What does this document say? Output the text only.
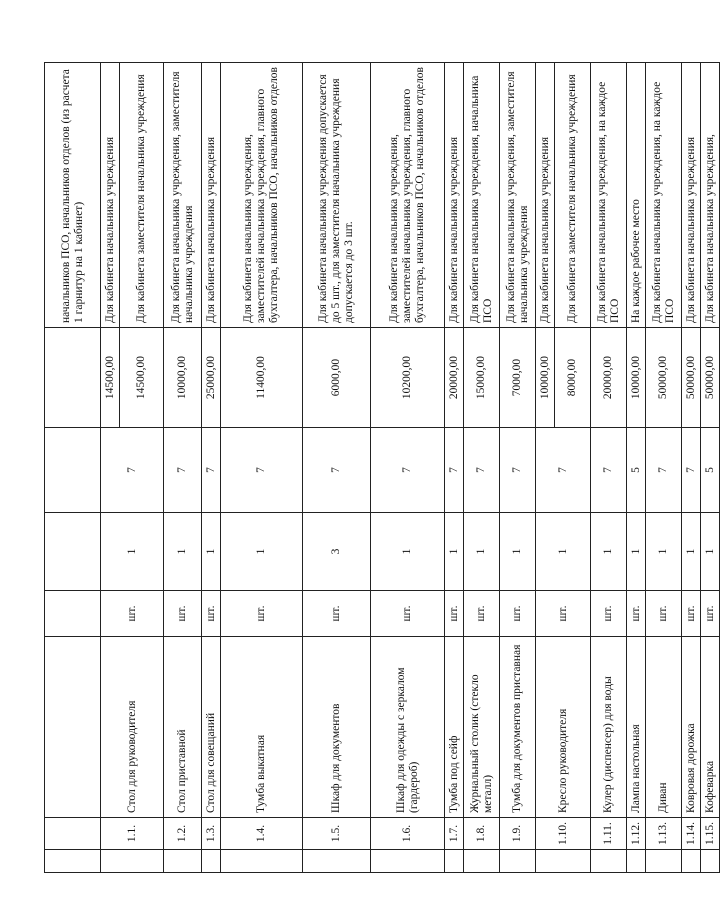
							начальников ПСО, начальников отделов (из расчета 1 гарнитур на 1 кабинет)
	1.1.	Стол для руководителя	шт.	1	7	14500,00	Для кабинета начальника учреждения
						14500,00	Для кабинета заместителя начальника учреждения
	1.2.	Стол приставной	шт.	1	7	10000,00	Для кабинета начальника учреждения, заместителя начальника учреждения
	1.3.	Стол для совещаний	шт.	1	7	25000,00	Для кабинета начальника учреждения
	1.4.	Тумба выкатная	шт.	1	7	11400,00	Для кабинета начальника учреждения, заместителей начальника учреждения, главного бухгалтера, начальников ПСО, начальников отделов
	1.5.	Шкаф для документов	шт.	3	7	6000,00	Для кабинета начальника учреждения допускается до 5 шт., для заместителя начальника учреждения допускается до 3 шт.
	1.6.	Шкаф для одежды с зеркалом (гардероб)	шт.	1	7	10200,00	Для кабинета начальника учреждения, заместителей начальника учреждения, главного бухгалтера, начальников ПСО, начальников отделов
	1.7.	Тумба под сейф	шт.	1	7	20000,00	Для кабинета начальника учреждения
	1.8.	Журнальный столик (стекло металл)	шт.	1	7	15000,00	Для кабинета начальника учреждения, начальника ПСО
	1.9.	Тумба для документов приставная	шт.	1	7	7000,00	Для кабинета начальника учреждения, заместителя начальника учреждения
	1.10.	Кресло руководителя	шт.	1	7	10000,00	Для кабинета начальника учреждения
						8000,00	Для кабинета заместителя начальника учреждения
	1.11.	Кулер (диспенсер) для воды	шт.	1	7	20000,00	Для кабинета начальника учреждения, на каждое ПСО
	1.12.	Лампа настольная	шт.	1	5	10000,00	На каждое рабочее место
	1.13.	Диван	шт.	1	7	50000,00	Для кабинета начальника учреждения, на каждое ПСО
	1.14.	Ковровая дорожка	шт.	1	7	50000,00	Для кабинета начальника учреждения
	1.15.	Кофеварка	шт.	1	5	50000,00	Для кабинета начальника учреждения,
